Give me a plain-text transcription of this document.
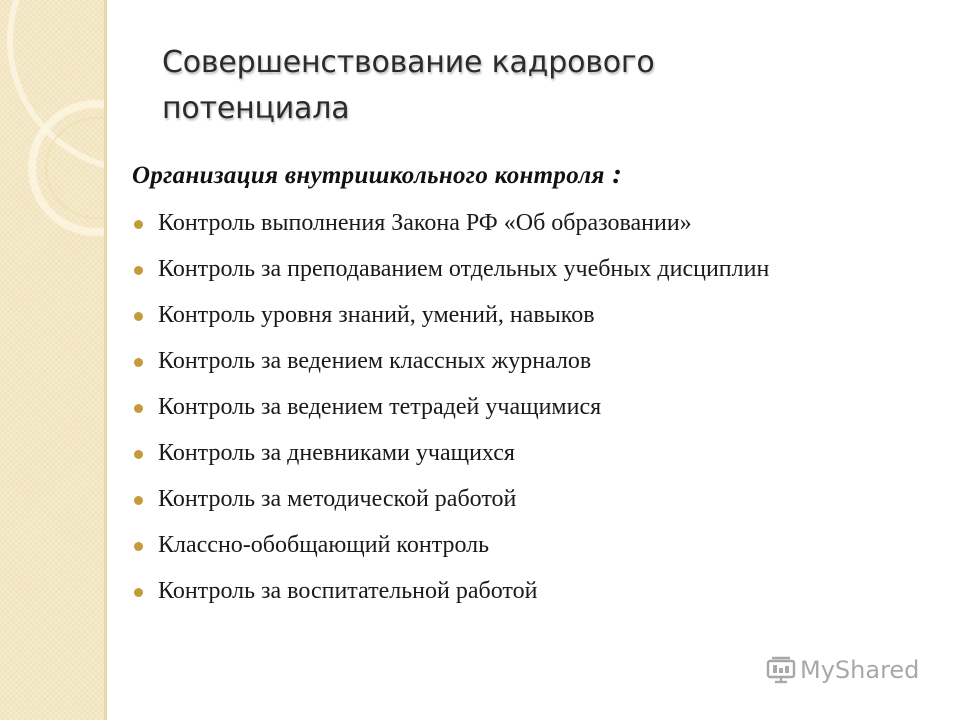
Совершенствование кадрового
потенциала
Организация внутришкольного контроля :
Контроль выполнения Закона РФ «Об образовании»
Контроль за преподаванием отдельных учебных дисциплин
Контроль уровня знаний, умений, навыков
Контроль за ведением классных журналов
Контроль за ведением тетрадей учащимися
Контроль за дневниками учащихся
Контроль за методической работой
Классно-обобщающий контроль
Контроль за воспитательной работой
MyShared
